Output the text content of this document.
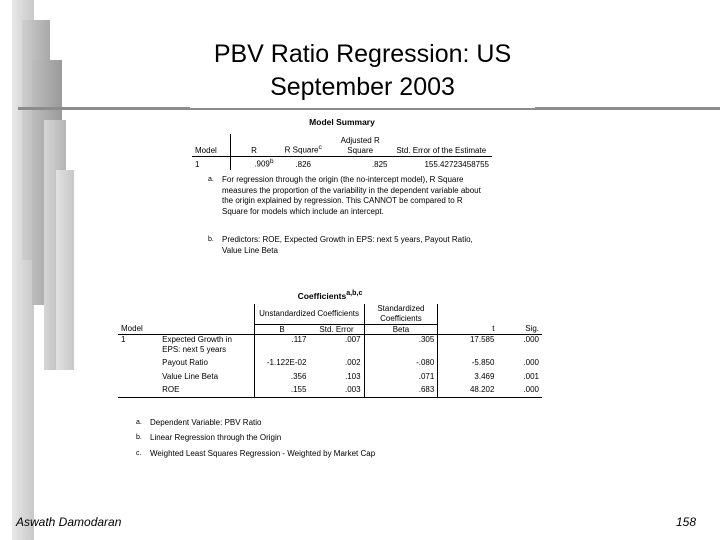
PBV Ratio Regression: US
September 2003
Model Summary
Model	R	R Square$^c$	Adjusted R Square	Std. Error of the Estimate
1	.909$^b$	.826	.825	155.42723458755
a. For regression through the origin (the no-intercept model), R Square measures the proportion of the variability in the dependent variable about the origin explained by regression. This CANNOT be compared to R Square for models which include an intercept.
b. Predictors: ROE, Expected Growth in EPS: next 5 years, Payout Ratio, Value Line Beta
Coefficients$^{a,b,c}$
		Unstandardized Coefficients		Standardized Coefficients		
Model		B	Std. Error	Beta	t	Sig.
1	Expected Growth in EPS: next 5 years	.117	.007	.305	17.585	.000
	Payout Ratio	-1.122E-02	.002	-.080	-5.850	.000
	Value Line Beta	.356	.103	.071	3.469	.001
	ROE	.155	.003	.683	48.202	.000
a. Dependent Variable: PBV Ratio
b. Linear Regression through the Origin
c. Weighted Least Squares Regression - Weighted by Market Cap
Aswath Damodaran	158
